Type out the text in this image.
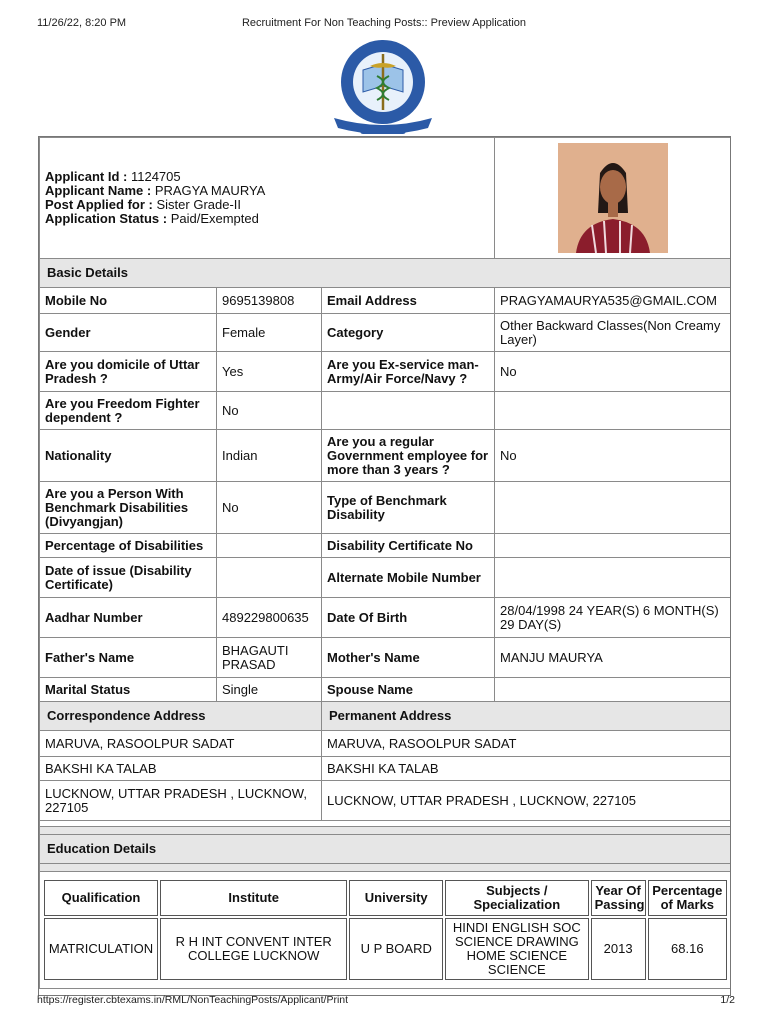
11/26/22, 8:20 PM	Recruitment For Non Teaching Posts:: Preview Application
Applicant Id : 1124705
Applicant Name : PRAGYA MAURYA
Post Applied for : Sister Grade-II
Application Status : Paid/Exempted

Basic Details
Mobile No	9695139808	Email Address	PRAGYAMAURYA535@GMAIL.COM
Gender	Female	Category	Other Backward Classes(Non Creamy Layer)
Are you domicile of Uttar Pradesh ?	Yes	Are you Ex-service man-Army/Air Force/Navy ?	No
Are you Freedom Fighter dependent ?	No		
Nationality	Indian	Are you a regular Government employee for more than 3 years ?	No
Are you a Person With Benchmark Disabilities (Divyangjan)	No	Type of Benchmark Disability	
Percentage of Disabilities		Disability Certificate No	
Date of issue (Disability Certificate)		Alternate Mobile Number	
Aadhar Number	489229800635	Date Of Birth	28/04/1998 24 YEAR(S) 6 MONTH(S) 29 DAY(S)
Father's Name	BHAGAUTI PRASAD	Mother's Name	MANJU MAURYA
Marital Status	Single	Spouse Name	
Correspondence Address	Permanent Address
MARUVA, RASOOLPUR SADAT	MARUVA, RASOOLPUR SADAT
BAKSHI KA TALAB	BAKSHI KA TALAB
LUCKNOW, UTTAR PRADESH , LUCKNOW, 227105	LUCKNOW, UTTAR PRADESH , LUCKNOW, 227105

Education Details

Qualification	Institute	University	Subjects / Specialization	Year Of Passing	Percentage of Marks
MATRICULATION	R H INT CONVENT INTER COLLEGE LUCKNOW	U P BOARD	HINDI ENGLISH SOC SCIENCE DRAWING HOME SCIENCE SCIENCE	2013	68.16
https://register.cbtexams.in/RML/NonTeachingPosts/Applicant/Print	1/2
